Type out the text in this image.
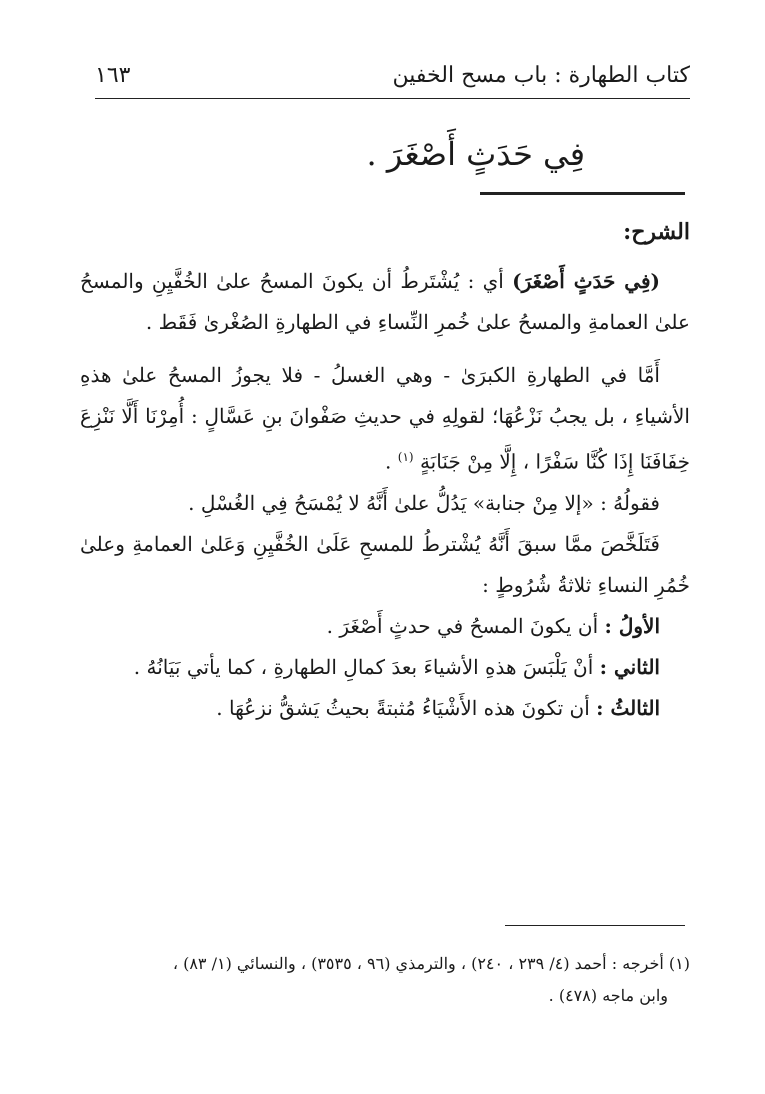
كتاب الطهارة : باب مسح الخفين
١٦٣
فِي حَدَثٍ أَصْغَرَ .

الشرح:

(فِي حَدَثٍ أَصْغَرَ) أي : يُشْتَرطُ أن يكونَ المسحُ علىٰ الخُفَّيِنِ والمسحُ علىٰ العمامةِ والمسحُ علىٰ خُمرِ النِّساءِ في الطهارةِ الصُغْرىٰ فَقَط .

أَمَّا في الطهارةِ الكبرَىٰ - وهي الغسلُ - فلا يجوزُ المسحُ علىٰ هذهِ الأشياءِ ، بل يجبُ نَزْعُهَا؛ لقولِهِ في حديثِ صَفْوانَ بنِ عَسَّالٍ : أُمِرْنَا أَلَّا نَنْزِعَ خِفَافَنَا إِذَا كُنَّا سَفْرًا ، إِلَّا مِنْ جَنَابَةٍ $^{(١)}$ .

فقولُهُ : «إلا مِنْ جنابة» يَدُلُّ علىٰ أَنَّهُ لا يُمْسَحُ فِي الغُسْلِ .

فَتَلَخَّصَ ممَّا سبقَ أَنَّهُ يُشْترطُ للمسحِ عَلَىٰ الخُفَّيِنِ وَعَلىٰ العمامةِ وعلىٰ خُمُرِ النساءِ ثلاثةُ شُرُوطٍ :

الأولُ : أن يكونَ المسحُ في حدثٍ أَصْغَرَ .

الثاني : أنْ يَلْبَسَ هذهِ الأشياءَ بعدَ كمالِ الطهارةِ ، كما يأتي بَيَانُهُ .

الثالثُ : أن تكونَ هذه الأَشْيَاءُ مُثبتةً بحيثُ يَشقُّ نزعُهَا .

(١) أخرجه : أحمد (٤/ ٢٣٩ ، ٢٤٠) ، والترمذي (٩٦ ، ٣٥٣٥) ، والنسائي (١/ ٨٣) ،

وابن ماجه (٤٧٨) .
